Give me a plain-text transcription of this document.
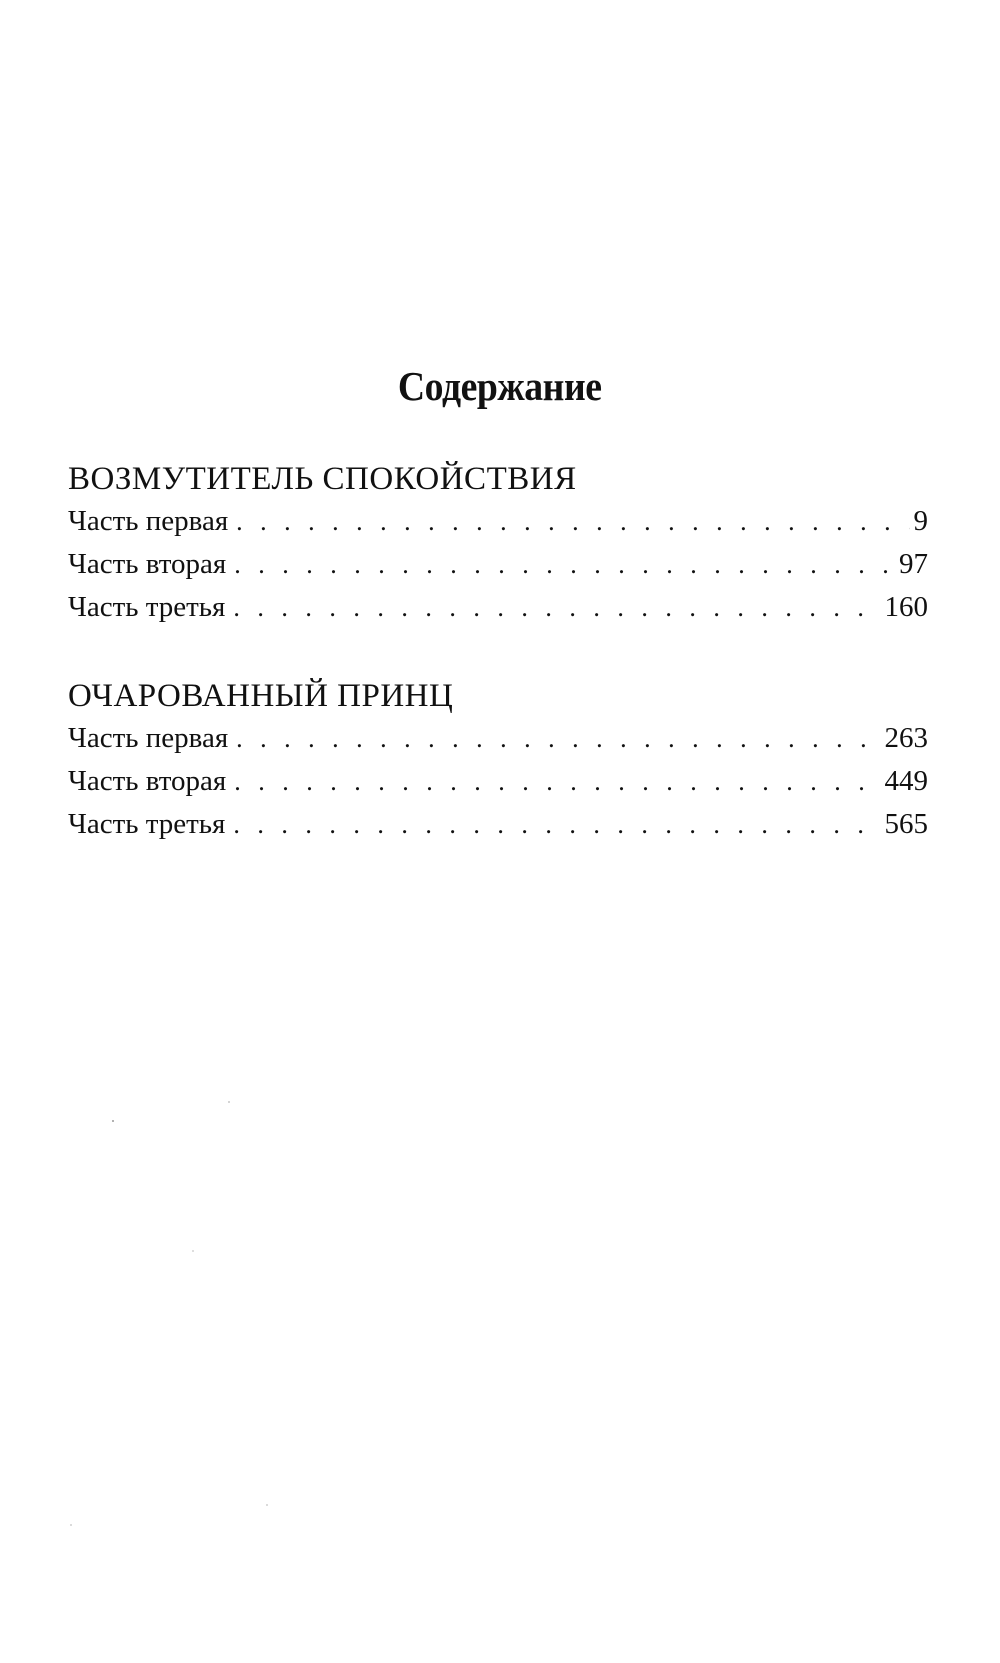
Содержание
ВОЗМУТИТЕЛЬ СПОКОЙСТВИЯ
Часть первая . . .	9
Часть вторая . . .	97
Часть третья . . .	160
ОЧАРОВАННЫЙ ПРИНЦ
Часть первая . . .	263
Часть вторая . . .	449
Часть третья . . .	565
